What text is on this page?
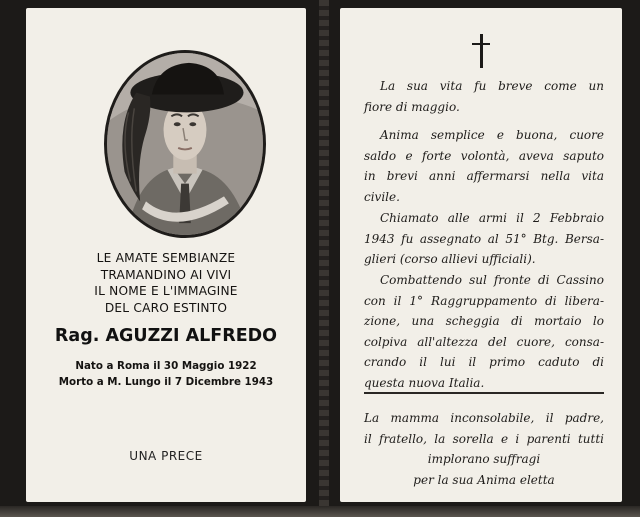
LE AMATE SEMBIANZE
TRAMANDINO AI VIVI
IL NOME E L'IMMAGINE
DEL CARO ESTINTO
Rag. AGUZZI ALFREDO
Nato a Roma il 30 Maggio 1922
Morto a M. Lungo il 7 Dicembre 1943
UNA PRECE
La sua vita fu breve come un
fiore di maggio.
Anima semplice e buona, cuore
saldo e forte volontà, aveva saputo
in brevi anni affermarsi nella vita
civile.
Chiamato alle armi il 2 Febbraio
1943 fu assegnato al 51° Btg. Bersa-
glieri (corso allievi ufficiali).
Combattendo sul fronte di Cassino
con il 1° Raggruppamento di libera-
zione, una scheggia di mortaio lo
colpiva all'altezza del cuore, consa-
crando il lui il primo caduto di
questa nuova Italia.
La mamma inconsolabile, il padre,
il fratello, la sorella e i parenti tutti
implorano suffragi
per la sua Anima eletta
